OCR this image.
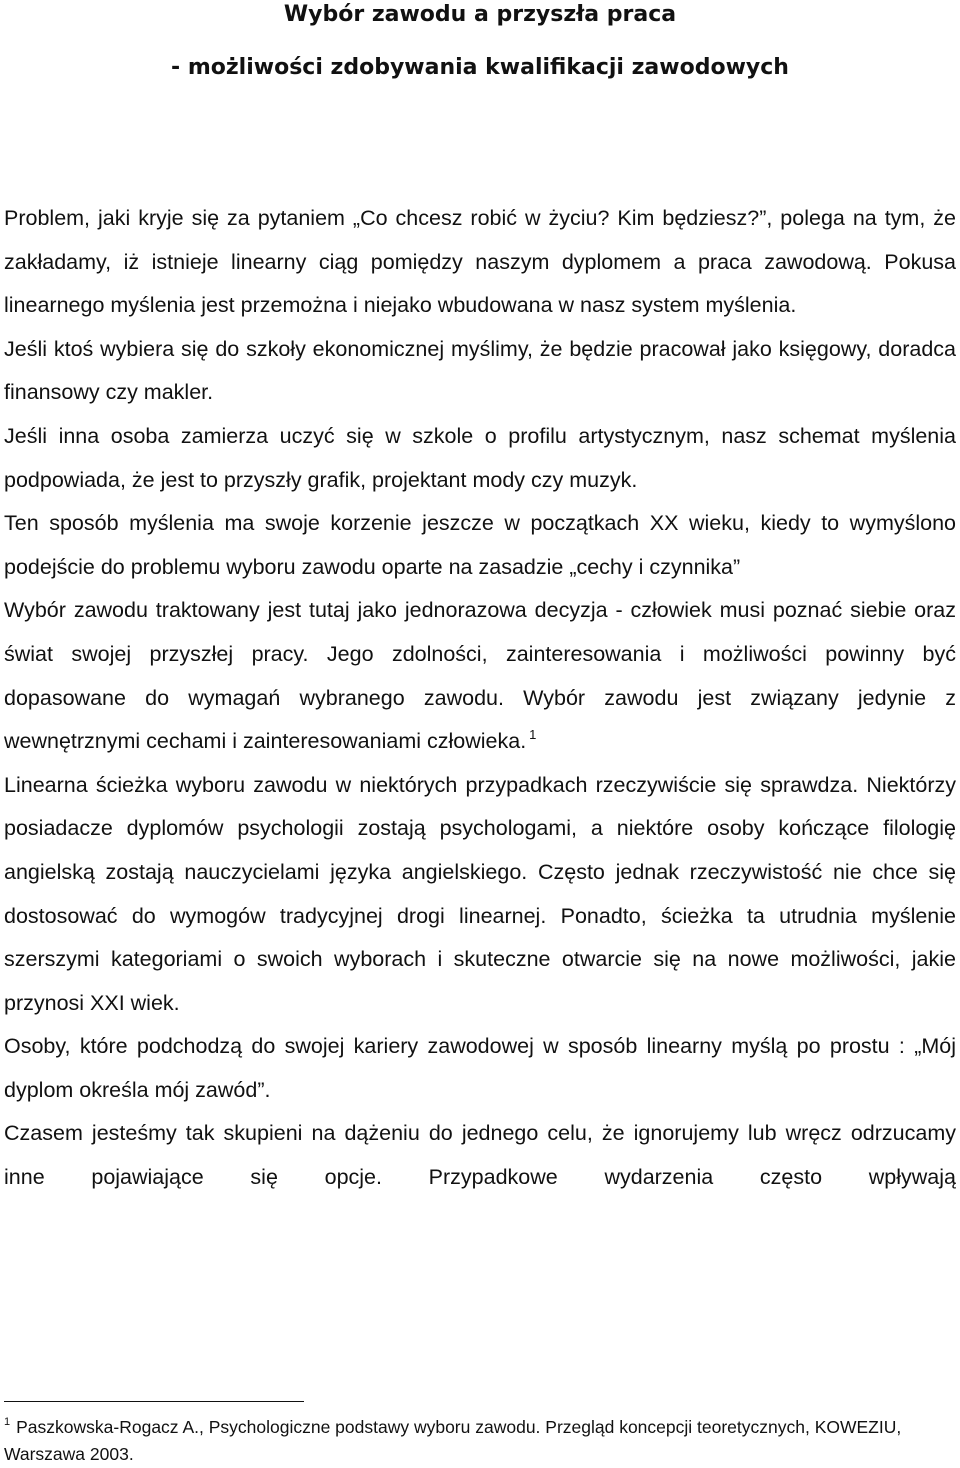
Wybór zawodu a przyszła praca
- możliwości zdobywania kwalifikacji zawodowych

Problem, jaki kryje się za pytaniem „Co chcesz robić w życiu? Kim będziesz?”, polega na tym, że zakładamy, iż istnieje linearny ciąg pomiędzy naszym dyplomem a praca zawodową. Pokusa linearnego myślenia jest przemożna i niejako wbudowana w nasz system myślenia.

Jeśli ktoś wybiera się do szkoły ekonomicznej myślimy, że będzie pracował jako księgowy, doradca finansowy czy makler.

Jeśli inna osoba zamierza uczyć się w szkole o profilu artystycznym, nasz schemat myślenia podpowiada, że jest to przyszły grafik, projektant mody czy muzyk.

Ten sposób myślenia ma swoje korzenie jeszcze w początkach XX wieku, kiedy to wymyślono podejście do problemu wyboru zawodu oparte na zasadzie „cechy i czynnika”

Wybór zawodu traktowany jest tutaj jako jednorazowa decyzja - człowiek musi poznać siebie oraz świat swojej przyszłej pracy. Jego zdolności, zainteresowania i możliwości powinny być dopasowane do wymagań wybranego zawodu. Wybór zawodu jest związany jedynie z wewnętrznymi cechami i zainteresowaniami człowieka. $^1$

Linearna ścieżka wyboru zawodu w niektórych przypadkach rzeczywiście się sprawdza. Niektórzy posiadacze dyplomów psychologii zostają psychologami, a niektóre osoby kończące filologię angielską zostają nauczycielami języka angielskiego. Często jednak rzeczywistość nie chce się dostosować do wymogów tradycyjnej drogi linearnej. Ponadto, ścieżka ta utrudnia myślenie szerszymi kategoriami o swoich wyborach i skuteczne otwarcie się na nowe możliwości, jakie przynosi XXI wiek.

Osoby, które podchodzą do swojej kariery zawodowej w sposób linearny myślą po prostu : „Mój dyplom określa mój zawód”.

Czasem jesteśmy tak skupieni na dążeniu do jednego celu, że ignorujemy lub wręcz odrzucamy inne pojawiające się opcje. Przypadkowe wydarzenia często wpływają

$^1$ Paszkowska-Rogacz A., Psychologiczne podstawy wyboru zawodu. Przegląd koncepcji teoretycznych, KOWEZIU, Warszawa 2003.
